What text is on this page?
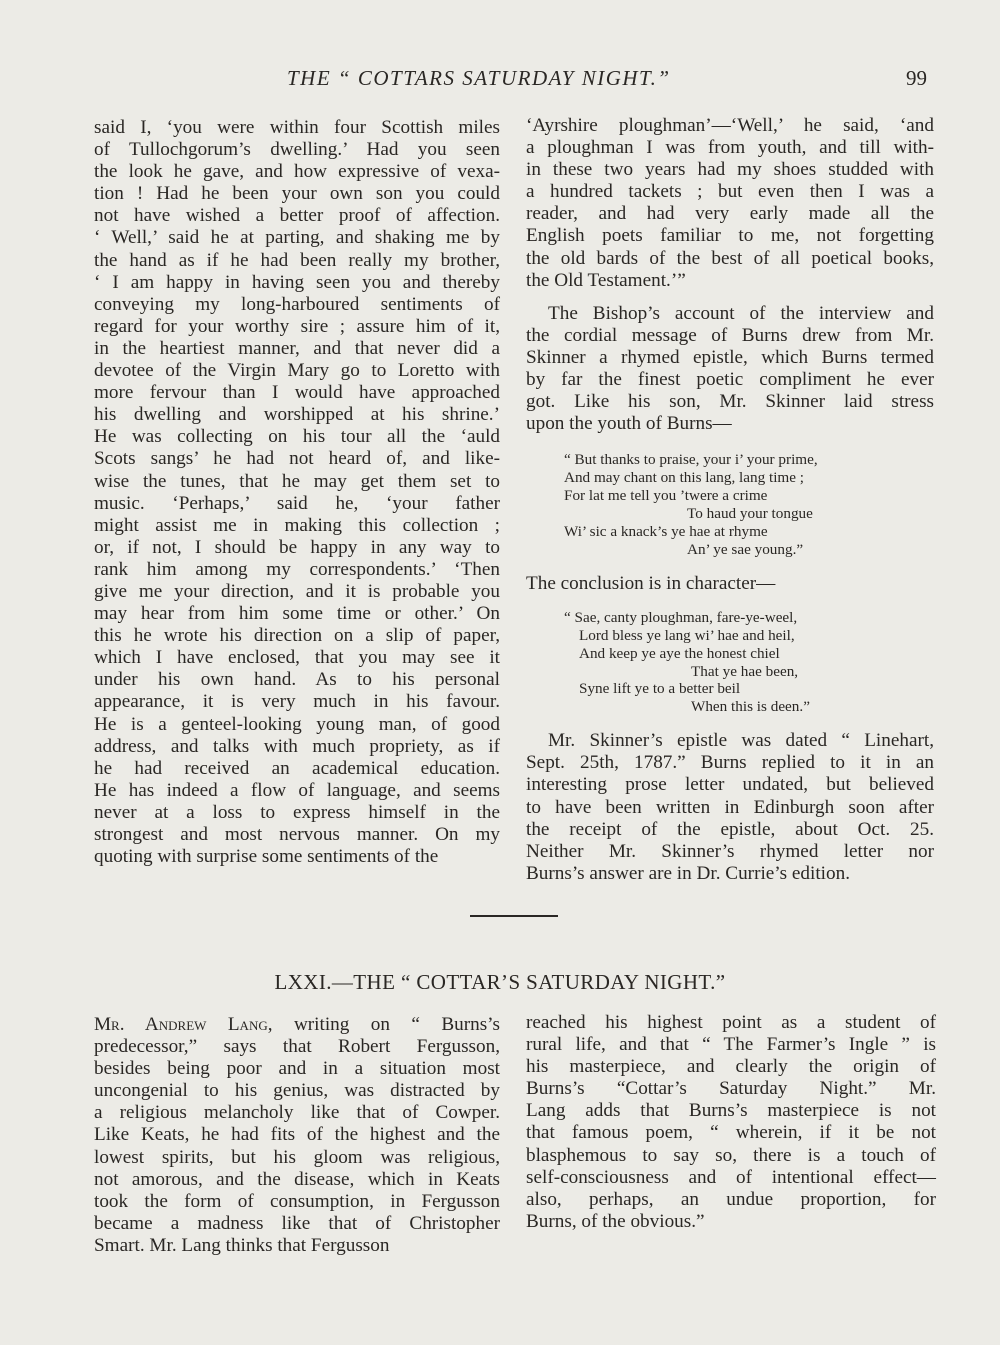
THE “ COTTARS SATURDAY NIGHT.”	99

said I, ‘you were within four Scottish miles
of Tullochgorum’s dwelling.’ Had you seen
the look he gave, and how expressive of vexa-
tion ! Had he been your own son you could
not have wished a better proof of affection.
‘ Well,’ said he at parting, and shaking me by
the hand as if he had been really my brother,
‘ I am happy in having seen you and thereby
conveying my long-harboured sentiments of
regard for your worthy sire ; assure him of it,
in the heartiest manner, and that never did a
devotee of the Virgin Mary go to Loretto with
more fervour than I would have approached
his dwelling and worshipped at his shrine.’
He was collecting on his tour all the ‘auld
Scots sangs’ he had not heard of, and like-
wise the tunes, that he may get them set to
music. ‘Perhaps,’ said he, ‘your father
might assist me in making this collection ;
or, if not, I should be happy in any way to
rank him among my correspondents.’ ‘Then
give me your direction, and it is probable you
may hear from him some time or other.’ On
this he wrote his direction on a slip of paper,
which I have enclosed, that you may see it
under his own hand. As to his personal
appearance, it is very much in his favour.
He is a genteel-looking young man, of good
address, and talks with much propriety, as if
he had received an academical education.
He has indeed a flow of language, and seems
never at a loss to express himself in the
strongest and most nervous manner. On my
quoting with surprise some sentiments of the

‘Ayrshire ploughman’—‘Well,’ he said, ‘and
a ploughman I was from youth, and till with-
in these two years had my shoes studded with
a hundred tackets ; but even then I was a
reader, and had very early made all the
English poets familiar to me, not forgetting
the old bards of the best of all poetical books,
the Old Testament.’”

The Bishop’s account of the interview and
the cordial message of Burns drew from Mr.
Skinner a rhymed epistle, which Burns termed
by far the finest poetic compliment he ever
got. Like his son, Mr. Skinner laid stress
upon the youth of Burns—

“ But thanks to praise, your i’ your prime,
And may chant on this lang, lang time ;
For lat me tell you ’twere a crime
To haud your tongue
Wi’ sic a knack’s ye hae at rhyme
An’ ye sae young.”

The conclusion is in character—

“ Sae, canty ploughman, fare-ye-weel,
Lord bless ye lang wi’ hae and heil,
And keep ye aye the honest chiel
That ye hae been,
Syne lift ye to a better beil
When this is deen.”

Mr. Skinner’s epistle was dated “ Linehart,
Sept. 25th, 1787.” Burns replied to it in an
interesting prose letter undated, but believed
to have been written in Edinburgh soon after
the receipt of the epistle, about Oct. 25.
Neither Mr. Skinner’s rhymed letter nor
Burns’s answer are in Dr. Currie’s edition.

LXXI.—THE “ COTTAR’S SATURDAY NIGHT.”

Mr. Andrew Lang, writing on “ Burns’s
predecessor,” says that Robert Fergusson,
besides being poor and in a situation most
uncongenial to his genius, was distracted by
a religious melancholy like that of Cowper.
Like Keats, he had fits of the highest and the
lowest spirits, but his gloom was religious,
not amorous, and the disease, which in Keats
took the form of consumption, in Fergusson
became a madness like that of Christopher
Smart. Mr. Lang thinks that Fergusson

reached his highest point as a student of
rural life, and that “ The Farmer’s Ingle ” is
his masterpiece, and clearly the origin of
Burns’s “Cottar’s Saturday Night.” Mr.
Lang adds that Burns’s masterpiece is not
that famous poem, “ wherein, if it be not
blasphemous to say so, there is a touch of
self-consciousness and of intentional effect—
also, perhaps, an undue proportion, for
Burns, of the obvious.”
